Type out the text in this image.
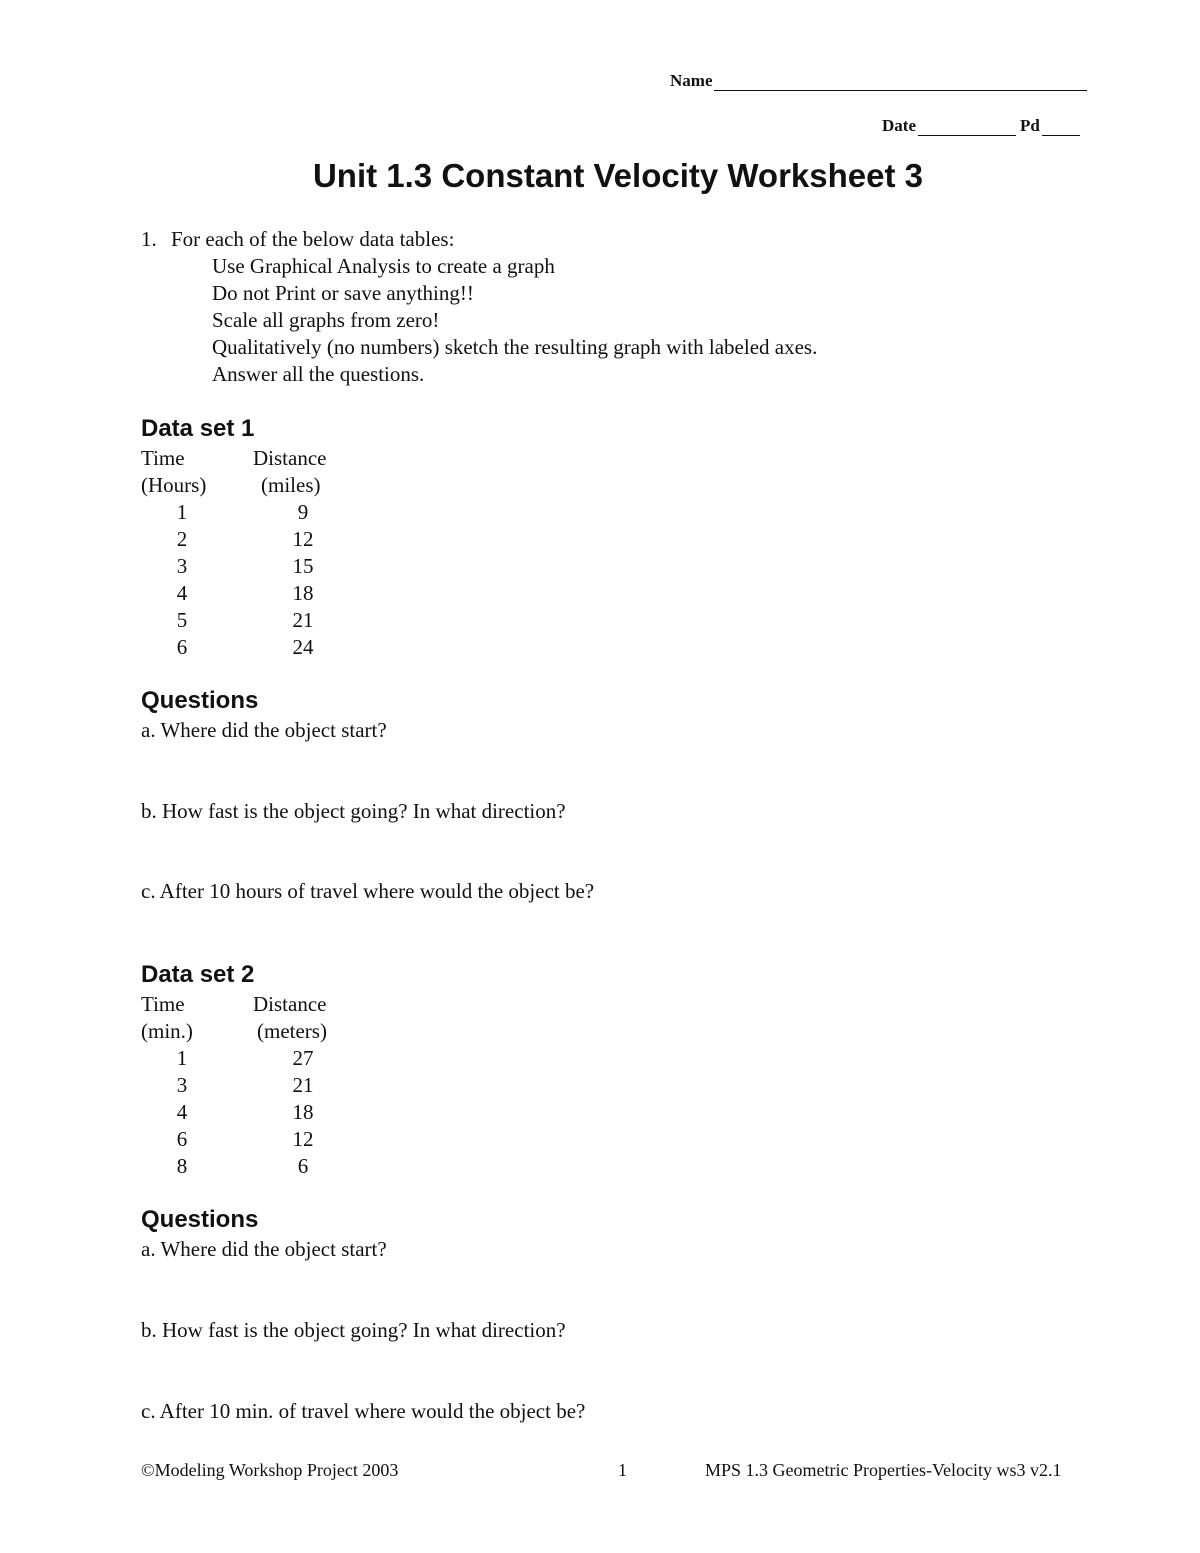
Name
Date	Pd
Unit 1.3 Constant Velocity Worksheet 3
1. For each of the below data tables:
Use Graphical Analysis to create a graph
Do not Print or save anything!!
Scale all graphs from zero!
Qualitatively (no numbers) sketch the resulting graph with labeled axes.
Answer all the questions.
Data set 1
Time	Distance
(Hours)	(miles)
1	9
2	12
3	15
4	18
5	21
6	24
Questions
a. Where did the object start?
b. How fast is the object going? In what direction?
c. After 10 hours of travel where would the object be?
Data set 2
Time	Distance
(min.)	(meters)
1	27
3	21
4	18
6	12
8	6
Questions
a. Where did the object start?
b. How fast is the object going? In what direction?
c. After 10 min. of travel where would the object be?
©Modeling Workshop Project 2003	1	MPS 1.3 Geometric Properties-Velocity ws3 v2.1
